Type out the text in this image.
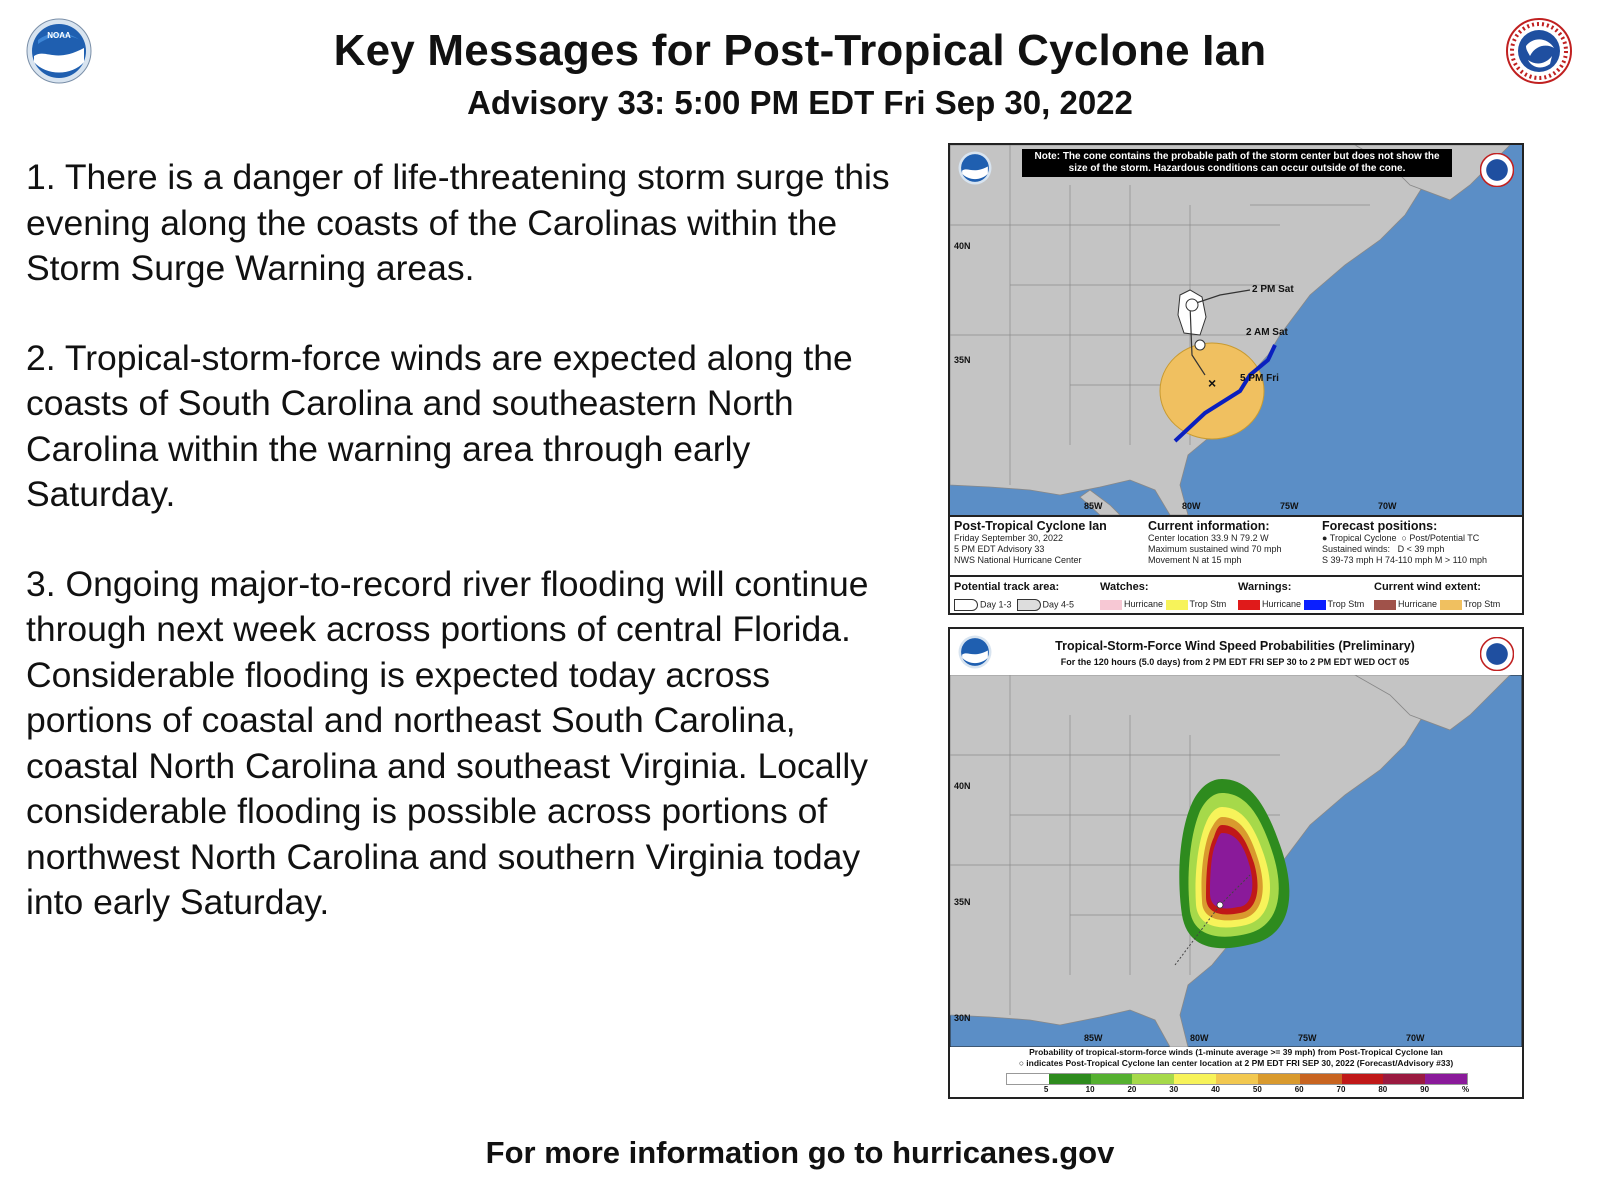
NOAA	Key Messages for Post-Tropical Cyclone Ian
Advisory 33: 5:00 PM EDT Fri Sep 30, 2022

1. There is a danger of life-threatening storm surge this evening along the coasts of the Carolinas within the Storm Surge Warning areas.

2. Tropical-storm-force winds are expected along the coasts of South Carolina and southeastern North Carolina within the warning area through early Saturday.

3. Ongoing major-to-record river flooding will continue through next week across portions of central Florida. Considerable flooding is expected today across portions of coastal and northeast South Carolina, coastal North Carolina and southeast Virginia. Locally considerable flooding is possible across portions of northwest North Carolina and southern Virginia today into early Saturday.

×
40N
35N
85W	80W	75W	70W
2 PM Sat
2 AM Sat
5 PM Fri
Note: The cone contains the probable path of the storm center but does not show the size of the storm. Hazardous conditions can occur outside of the cone.
Post-Tropical Cyclone Ian
Friday September 30, 2022
5 PM EDT Advisory 33
NWS National Hurricane Center
Current information:
Center location 33.9 N 79.2 W
Maximum sustained wind 70 mph
Movement N at 15 mph
Forecast positions:
● Tropical Cyclone  ○ Post/Potential TC
Sustained winds: D < 39 mph
S 39-73 mph H 74-110 mph M > 110 mph
Potential track area:	Watches:	Warnings:	Current wind extent:
Day 1-3	Day 4-5	Hurricane	Trop Stm	Hurricane	Trop Stm	Hurricane	Trop Stm
Tropical-Storm-Force Wind Speed Probabilities (Preliminary)
For the 120 hours (5.0 days) from 2 PM EDT FRI SEP 30 to 2 PM EDT WED OCT 05
40N
35N
30N
85W	80W	75W	70W
Probability of tropical-storm-force winds (1-minute average >= 39 mph) from Post-Tropical Cyclone Ian
○ indicates Post-Tropical Cyclone Ian center location at 2 PM EDT FRI SEP 30, 2022 (Forecast/Advisory #33)
5	10	20	30	40	50	60	70	80	90	%
For more information go to hurricanes.gov
